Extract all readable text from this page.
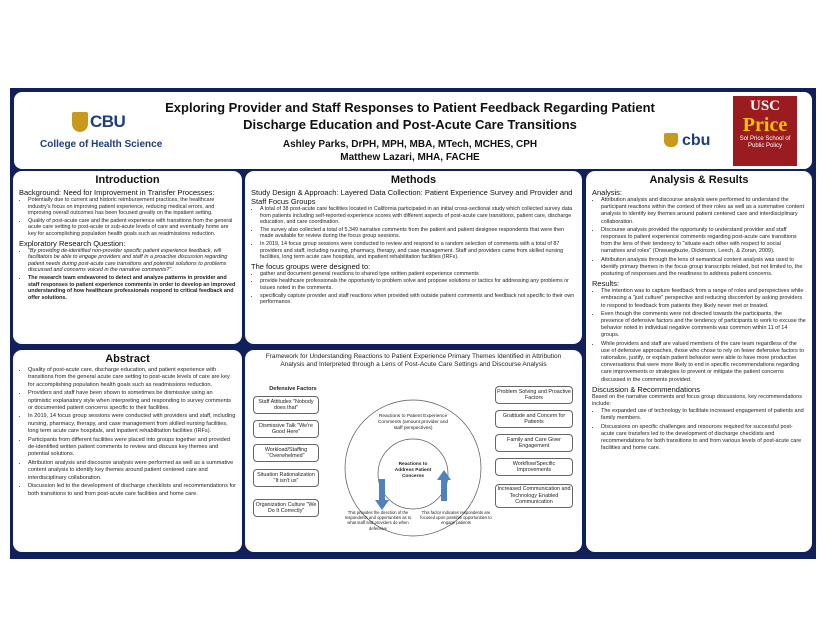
CBU
College of Health Science
Exploring Provider and Staff Responses to Patient Feedback Regarding Patient Discharge Education and Post-Acute Care Transitions
Ashley Parks, DrPH, MPH, MBA, MTech, MCHES, CPH
Matthew Lazari, MHA, FACHE
cbu
USC
Price
Sol Price School of Public Policy
Introduction
Background: Need for Improvement in Transfer Processes:
• Potentially due to current and historic reimbursement practices, the healthcare industry's focus on improving patient experience, reducing medical errors, and improving overall outcomes has been focused greatly on the inpatient setting.
• Quality of post-acute care and the patient experience with transitions from the general acute care setting to post-acute or sub-acute levels of care and eventually home are key for accomplishing population health goals such as readmissions reduction.
Exploratory Research Question:
• "By providing de-identified non-provider specific patient experience feedback, will facilitators be able to engage providers and staff in a proactive discussion regarding patient needs during post-acute care transitions and potential solutions to problems discussed and concerns voiced in the narrative comments?".
• The research team endeavored to detect and analyze patterns in provider and staff responses to patient experience comments in order to develop an improved understanding of how healthcare professionals respond to critical feedback and offer solutions.
Abstract
• Quality of post-acute care, discharge education, and patient experience with transitions from the general acute care setting to post-acute levels of care are key for accomplishing population health goals such as readmissions reduction.
• Providers and staff have been shown to sometimes be dismissive using an optimistic explanatory style when interpreting and responding to survey comments or documented patient concerns specific to their facilities.
• In 2019, 14 focus group sessions were conducted with providers and staff, including nursing, pharmacy, therapy, and case management from skilled nursing facilities, long term acute care hospitals, and inpatient rehabilitation facilities (IRFs).
• Participants from different facilities were placed into groups together and provided de-identified written patient comments to review and discuss key themes and potential solutions.
• Attribution analysis and discourse analysis were performed as well as a summative content analysis to identify key themes around patient centered care and interdisciplinary collaboration.
• Discussion led to the development of discharge checklists and recommendations for both transitions to and from post-acute care facilities and home care.
Methods
Study Design & Approach: Layered Data Collection: Patient Experience Survey and Provider and Staff Focus Groups
• A total of 38 post-acute care facilities located in California participated in an initial cross-sectional study which collected survey data from patients including self-reported experience scores with different aspects of post-acute care transitions, patient care, discharge education, and care coordination.
• The survey also collected a total of 5,349 narrative comments from the patient and patient designee respondents that were then made available for review during the focus group sessions.
• In 2019, 14 focus group sessions were conducted to review and respond to a random selection of comments with a total of 87 providers and staff, including nursing, pharmacy, therapy, and case management. Staff and providers came from skilled nursing facilities, long term acute care hospitals, and inpatient rehabilitation facilities (IRFs).
The focus groups were designed to:
• gather and document general reactions to shared type written patient experience comments
• provide healthcare professionals the opportunity to problem solve and propose solutions or tactics for addressing any problems or issues noted in the comments.
• specifically capture provider and staff reactions when provided with outside patient comments and feedback not specific to their own performance.
Framework for Understanding Reactions to Patient Experience Primary Themes Identified in Attribution Analysis and Interpreted through a Lens of Post-Acute Care Settings and Discourse Analysis
Defensive Factors
Staff Attitudes "Nobody does that"
Dismissive Talk "We're Good Here"
Workload/Staffing "Overwhelmed"
Situation Rationalization "It isn't us"
Organization Culture "We Do It Correctly"
Reactions to Patient Experience Comments (amount provider and staff perspectives)
Reactions to Address Patient Concerns
Problem Solving and Proactive Factors
Gratitude and Concern for Patients
Family and Care Giver Engagement
Workflow/Specific Improvements
Increased Communication and Technology Enabled Communication
This provides the direction of the respondents and opportunities as to what staff and providers do when defensive
This factor indicates respondents are focused upon possible opportunities to engage patients
Analysis & Results
Analysis:
• Attribution analysis and discourse analysis were performed to understand the participant reactions within the context of their roles as well as a summative content analysis to identify key themes around patient centered care and interdisciplinary collaboration.
• Discourse analysis provided the opportunity to understand provider and staff responses to patient experience comments regarding post-acute care transitions from the lens of their tendency to "situate each other with respect to social narratives and roles" (Onwuegbuzie, Dickinson, Leech, & Zoran, 2009).
• Attribution analysis through the lens of semantical content analysis was used to identify primary themes in the focus group transcripts related, but not limited to, the posturing of responses and the readiness to address patient concerns.
Results:
• The intention was to capture feedback from a range of roles and perspectives while embracing a "just culture" perspective and reducing discomfort by asking providers to respond to feedback from patients they likely never met or treated.
• Even though the comments were not directed towards the participants, the presence of defensive factors and the tendency of participants to work to excuse the behavior noted in individual negative comments was common within 11 of 14 groups.
• While providers and staff are valued members of the care team regardless of the use of defensive approaches, those who chose to rely on fewer defensive factors to rationalize, justify, or explain patient behavior were able to have more productive conversations that were more likely to end in specific recommendations regarding care improvements or strategies to prevent or mitigate the patient concerns discussed in the comments provided.
Discussion & Recommendations
Based on the narrative comments and focus group discussions, key recommendations include:
• The expanded use of technology to facilitate increased engagement of patients and family members.
• Discussions on specific challenges and resources required for successful post-acute care transfers led to the development of discharge checklists and recommendations for both transitions to and from various levels of post-acute care facilities and home care.
